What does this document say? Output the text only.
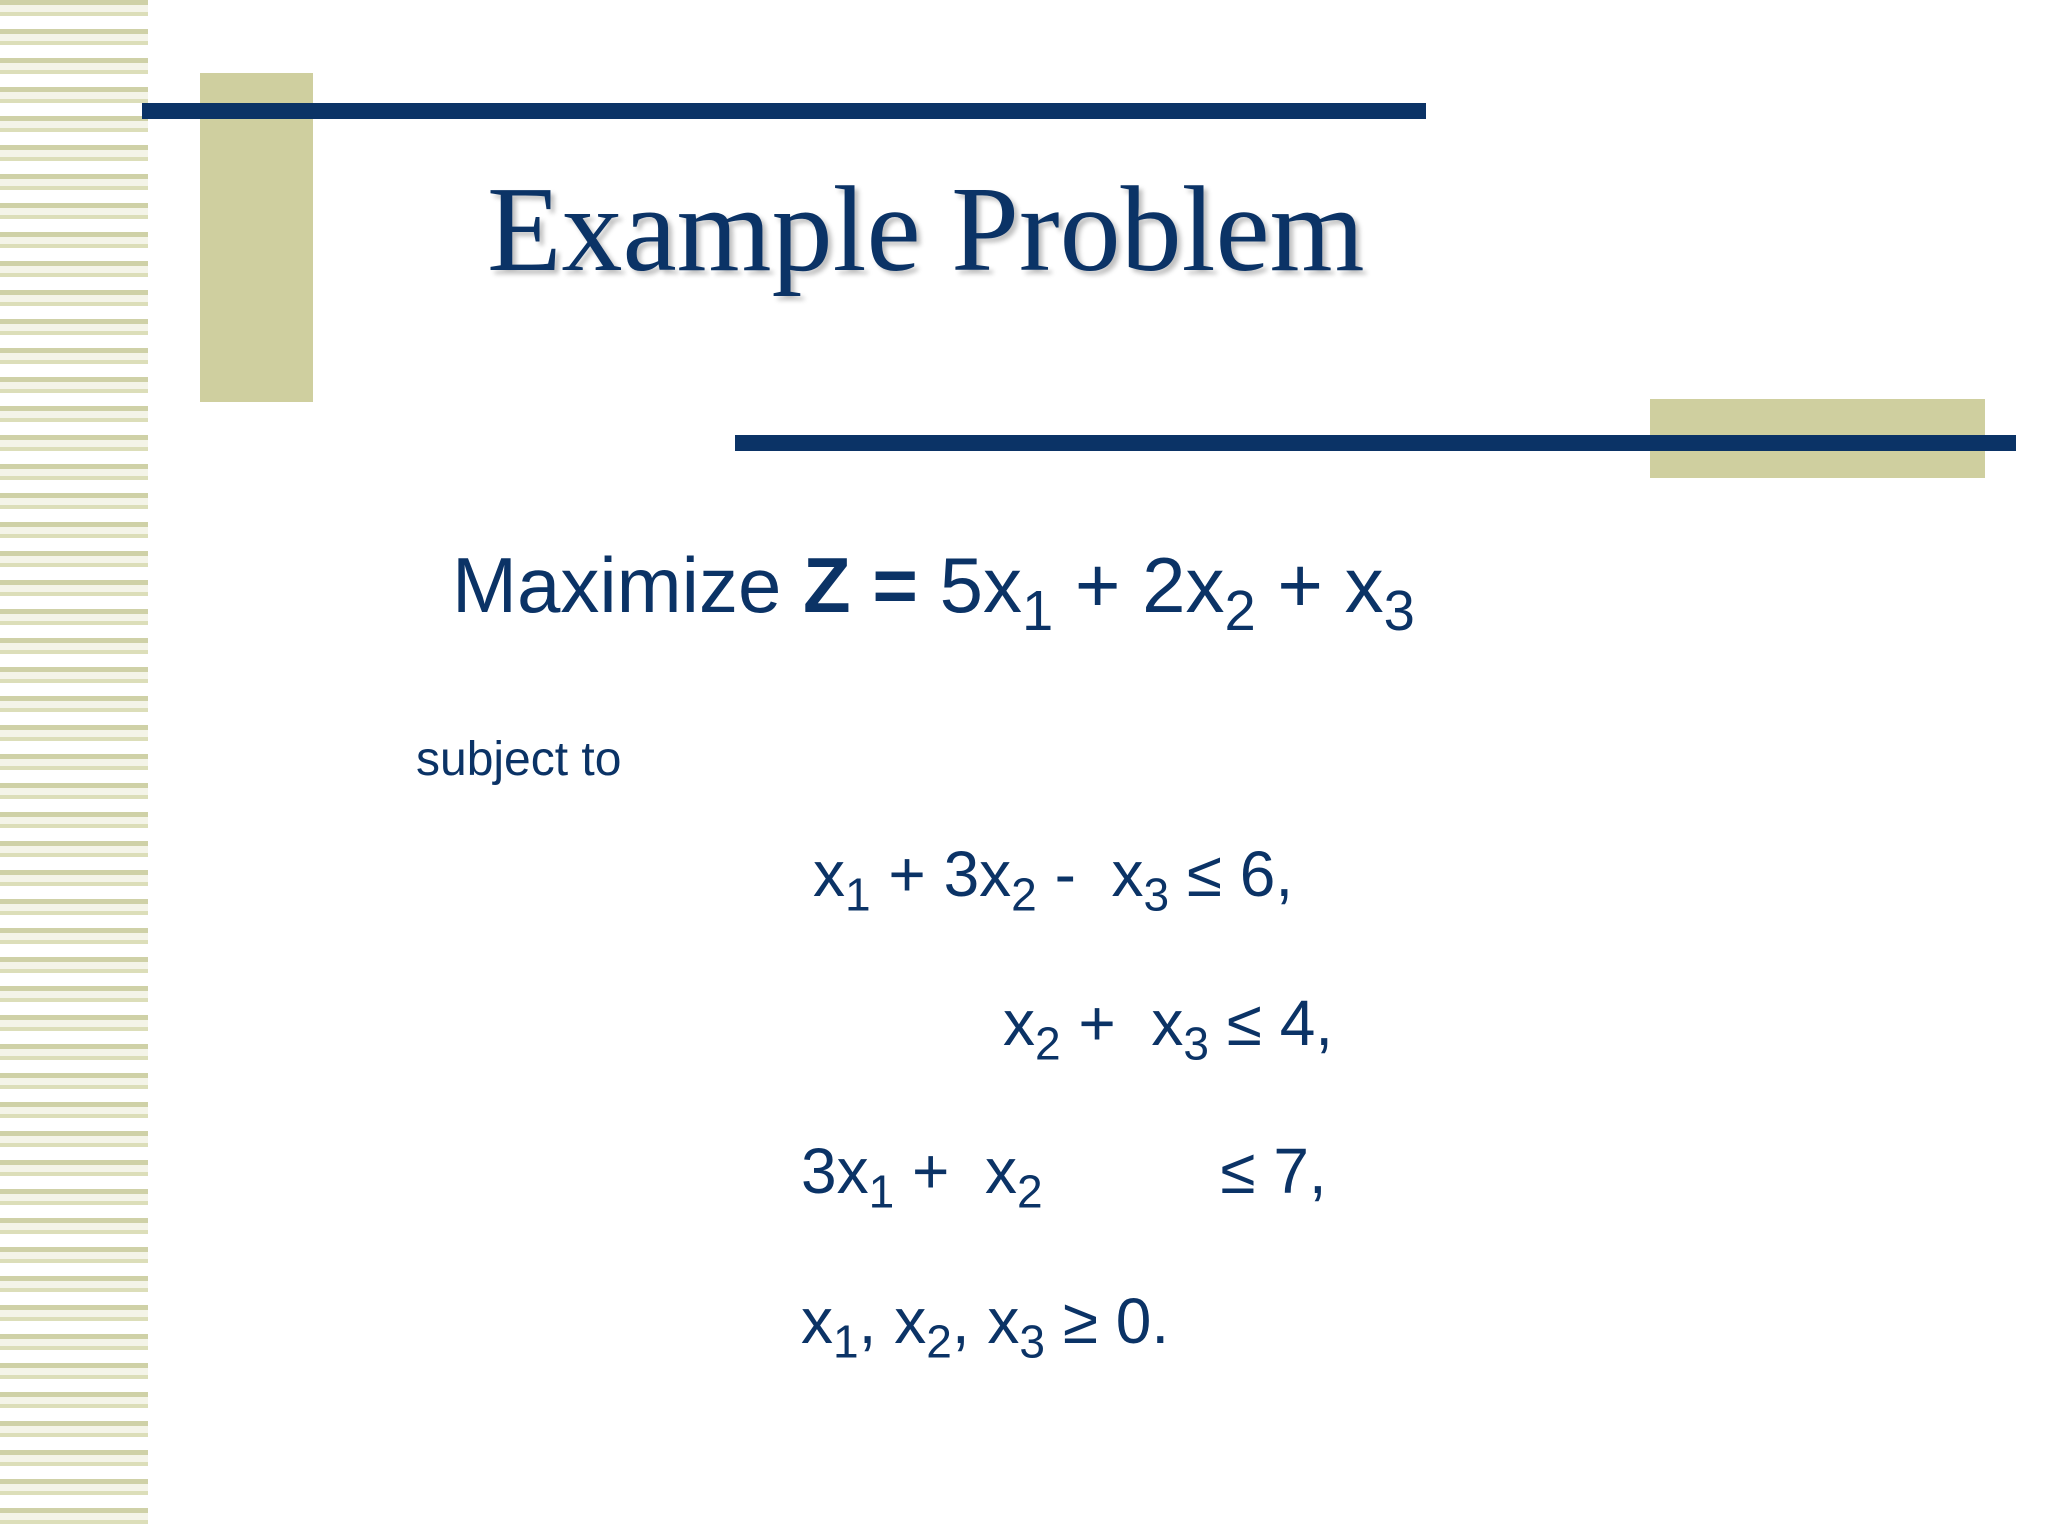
Example Problem
Maximize $Z = 5x_1 + 2x_2 + x_3$
subject to
$x_1 + 3x_2 - x_3 \le 6$,
$x_2 + x_3 \le 4$,
$3x_1 + x_2$	≤ 7,
$x_1$, $x_2$, $x_3 \ge 0$.
